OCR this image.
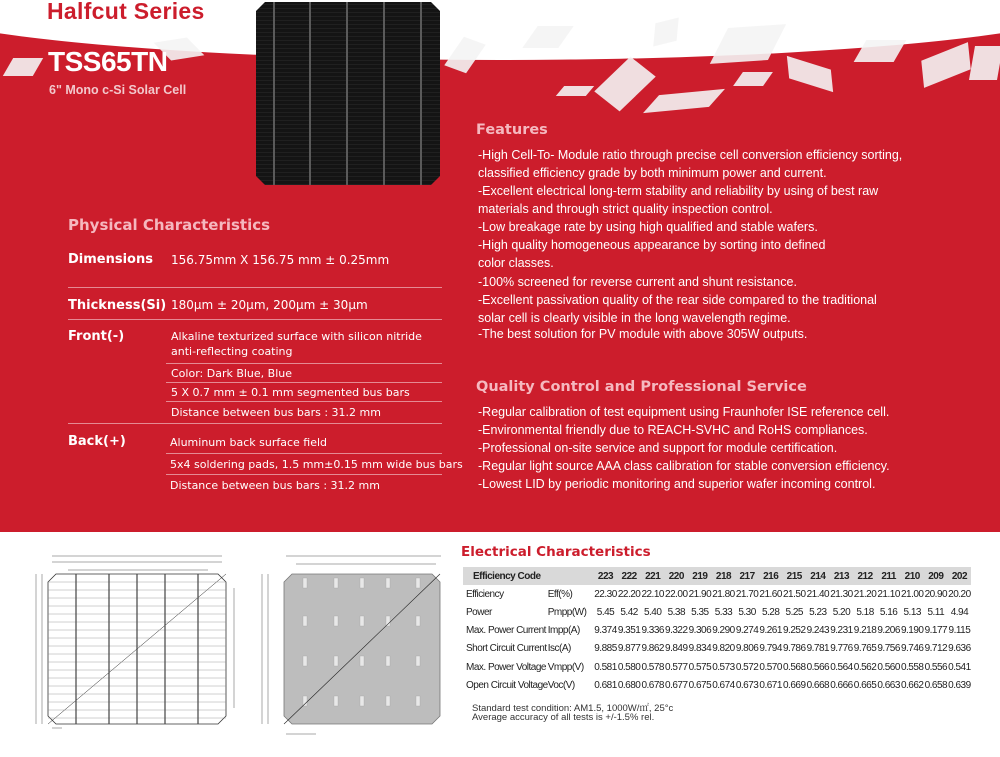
Halfcut Series
TSS65TN
6" Mono c-Si Solar Cell
Physical Characteristics
Dimensions 156.75mm X 156.75 mm ± 0.25mm
Thickness(Si) 180μm ± 20μm, 200μm ± 30μm
Front(-)	Alkaline texturized surface with silicon nitride
anti-reflecting coating
Color: Dark Blue, Blue
5 X 0.7 mm ± 0.1 mm segmented bus bars
Distance between bus bars : 31.2 mm
Back(+)	Aluminum back surface field
5x4 soldering pads, 1.5 mm±0.15 mm wide bus bars
Distance between bus bars : 31.2 mm
Features
-High Cell-To- Module ratio through precise cell conversion efficiency sorting,
classified efficiency grade by both minimum power and current.
-Excellent electrical long-term stability and reliability by using of best raw
materials and through strict quality inspection control.
-Low breakage rate by using high qualified and stable wafers.
-High quality homogeneous appearance by sorting into defined
color classes.
-100% screened for reverse current and shunt resistance.
-Excellent passivation quality of the rear side compared to the traditional
solar cell is clearly visible in the long wavelength regime.
-The best solution for PV module with above 305W outputs.
Quality Control and Professional Service
-Regular calibration of test equipment using Fraunhofer ISE reference cell.
-Environmental friendly due to REACH-SVHC and RoHS compliances.
-Professional on-site service and support for module certification.
-Regular light source AAA class calibration for stable conversion efficiency.
-Lowest LID by periodic monitoring and superior wafer incoming control.
Electrical Characteristics
Efficiency Code		223	222	221	220	219	218	217	216	215	214	213	212	211	210	209	202
Efficiency	Eff(%)	22.30	22.20	22.10	22.00	21.90	21.80	21.70	21.60	21.50	21.40	21.30	21.20	21.10	21.00	20.90	20.20
Power	Pmpp(W)	5.45	5.42	5.40	5.38	5.35	5.33	5.30	5.28	5.25	5.23	5.20	5.18	5.16	5.13	5.11	4.94
Max. Power Current	Impp(A)	9.374	9.351	9.336	9.322	9.306	9.290	9.274	9.261	9.252	9.243	9.231	9.218	9.206	9.190	9.177	9.115
Short Circuit Current	Isc(A)	9.885	9.877	9.862	9.849	9.834	9.820	9.806	9.794	9.786	9.781	9.776	9.765	9.756	9.746	9.712	9.636
Max. Power Voltage	Vmpp(V)	0.581	0.580	0.578	0.577	0.575	0.573	0.572	0.570	0.568	0.566	0.564	0.562	0.560	0.558	0.556	0.541
Open Circuit Voltage	Voc(V)	0.681	0.680	0.678	0.677	0.675	0.674	0.673	0.671	0.669	0.668	0.666	0.665	0.663	0.662	0.658	0.639
Standard test condition: AM1.5, 1000W/㎡, 25°c
Average accuracy of all tests is +/-1.5% rel.
